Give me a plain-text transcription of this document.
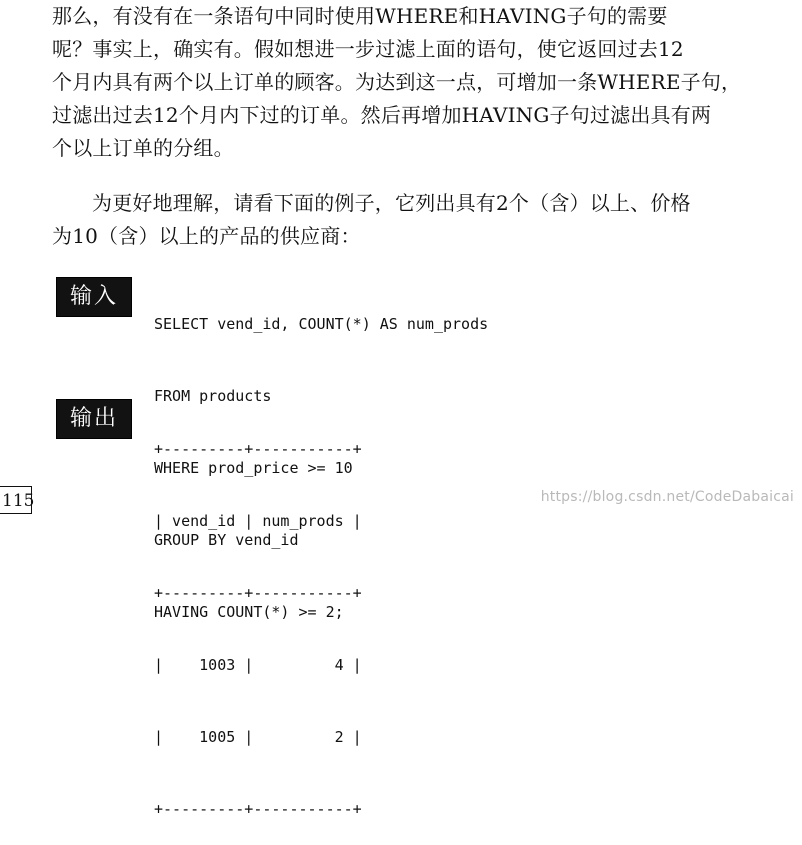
那么，有没有在一条语句中同时使用WHERE和HAVING子句的需要
呢？事实上，确实有。假如想进一步过滤上面的语句，使它返回过去12
个月内具有两个以上订单的顾客。为达到这一点，可增加一条WHERE子句，
过滤出过去12个月内下过的订单。然后再增加HAVING子句过滤出具有两
个以上订单的分组。
为更好地理解，请看下面的例子，它列出具有2个（含）以上、价格
为10（含）以上的产品的供应商：
输入

SELECT vend_id, COUNT(*) AS num_prods

FROM products

WHERE prod_price >= 10

GROUP BY vend_id

HAVING COUNT(*) >= 2;

输出

+---------+-----------+

| vend_id | num_prods |

+---------+-----------+

|    1003 |         4 |

|    1005 |         2 |

+---------+-----------+

115	https://blog.csdn.net/CodeDabaicai
